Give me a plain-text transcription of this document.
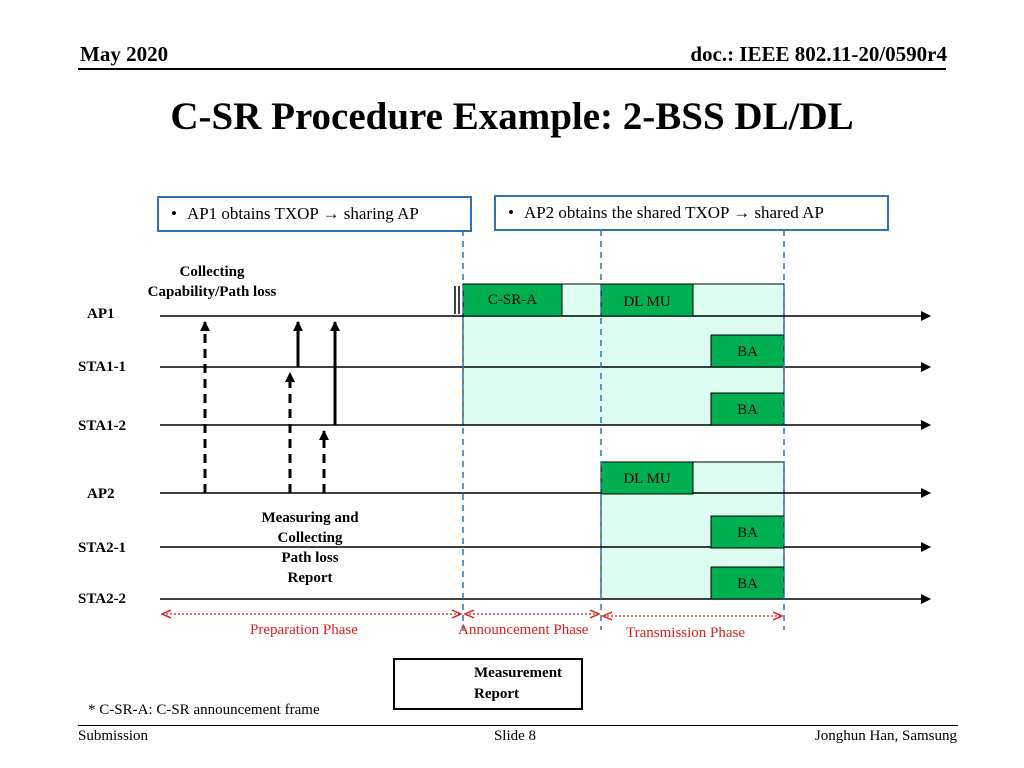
May 2020	doc.: IEEE 802.11-20/0590r4
C-SR Procedure Example: 2-BSS DL/DL
• AP1 obtains TXOP → sharing AP	• AP2 obtains the shared TXOP → shared AP
AP1
STA1-1
STA1-2
AP2
STA2-1
STA2-2
Collecting
Capability/Path loss
Measuring and
Collecting
Path loss
Report
C-SR-A	DL MU
BA
BA
DL MU
BA
BA
Preparation Phase	Announcement Phase	Transmission Phase
Measurement
Report
* C-SR-A: C-SR announcement frame
Submission	Slide 8	Jonghun Han, Samsung
